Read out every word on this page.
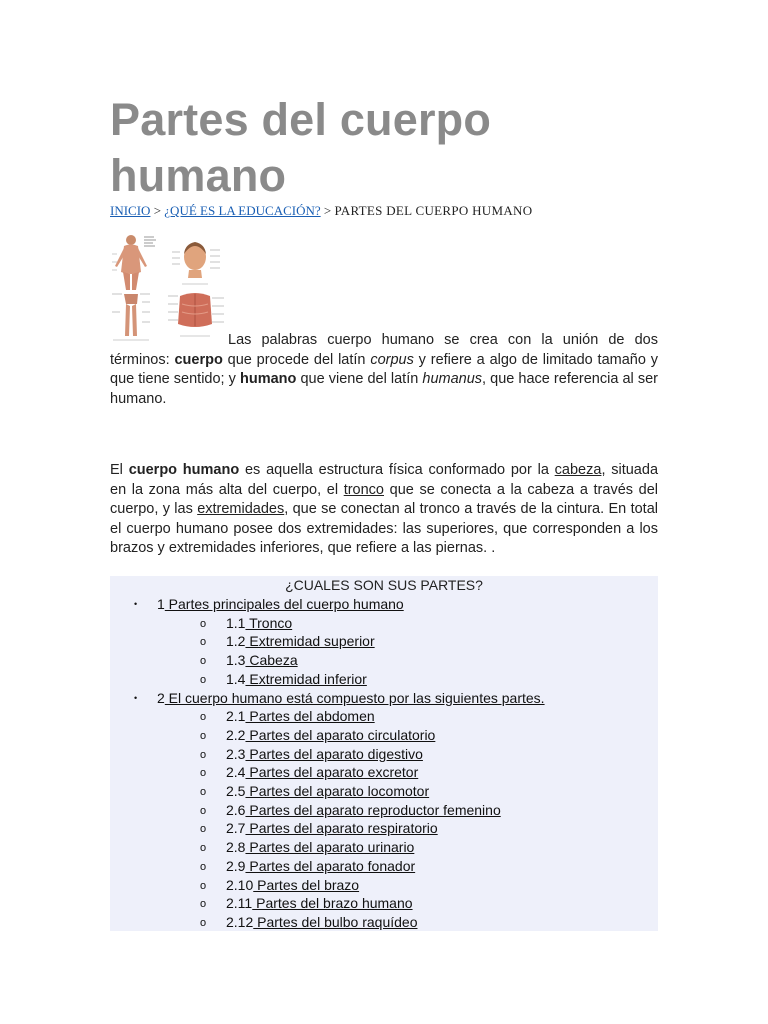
Partes del cuerpo humano
INICIO > ¿QUÉ ES LA EDUCACIÓN? > PARTES DEL CUERPO HUMANO

Las palabras cuerpo humano se crea con la unión de dos términos: cuerpo que procede del latín corpus y refiere a algo de limitado tamaño y que tiene sentido; y humano que viene del latín humanus, que hace referencia al ser humano.

El cuerpo humano es aquella estructura física conformado por la cabeza, situada en la zona más alta del cuerpo, el tronco que se conecta a la cabeza a través del cuerpo, y las extremidades, que se conectan al tronco a través de la cintura. En total el cuerpo humano posee dos extremidades: las superiores, que corresponden a los brazos y extremidades inferiores, que refiere a las piernas. .

¿CUALES SON SUS PARTES?
• 1 Partes principales del cuerpo humano
o 1.1 Tronco
o 1.2 Extremidad superior
o 1.3 Cabeza
o 1.4 Extremidad inferior
• 2 El cuerpo humano está compuesto por las siguientes partes.
o 2.1 Partes del abdomen
o 2.2 Partes del aparato circulatorio
o 2.3 Partes del aparato digestivo
o 2.4 Partes del aparato excretor
o 2.5 Partes del aparato locomotor
o 2.6 Partes del aparato reproductor femenino
o 2.7 Partes del aparato respiratorio
o 2.8 Partes del aparato urinario
o 2.9 Partes del aparato fonador
o 2.10 Partes del brazo
o 2.11 Partes del brazo humano
o 2.12 Partes del bulbo raquídeo
